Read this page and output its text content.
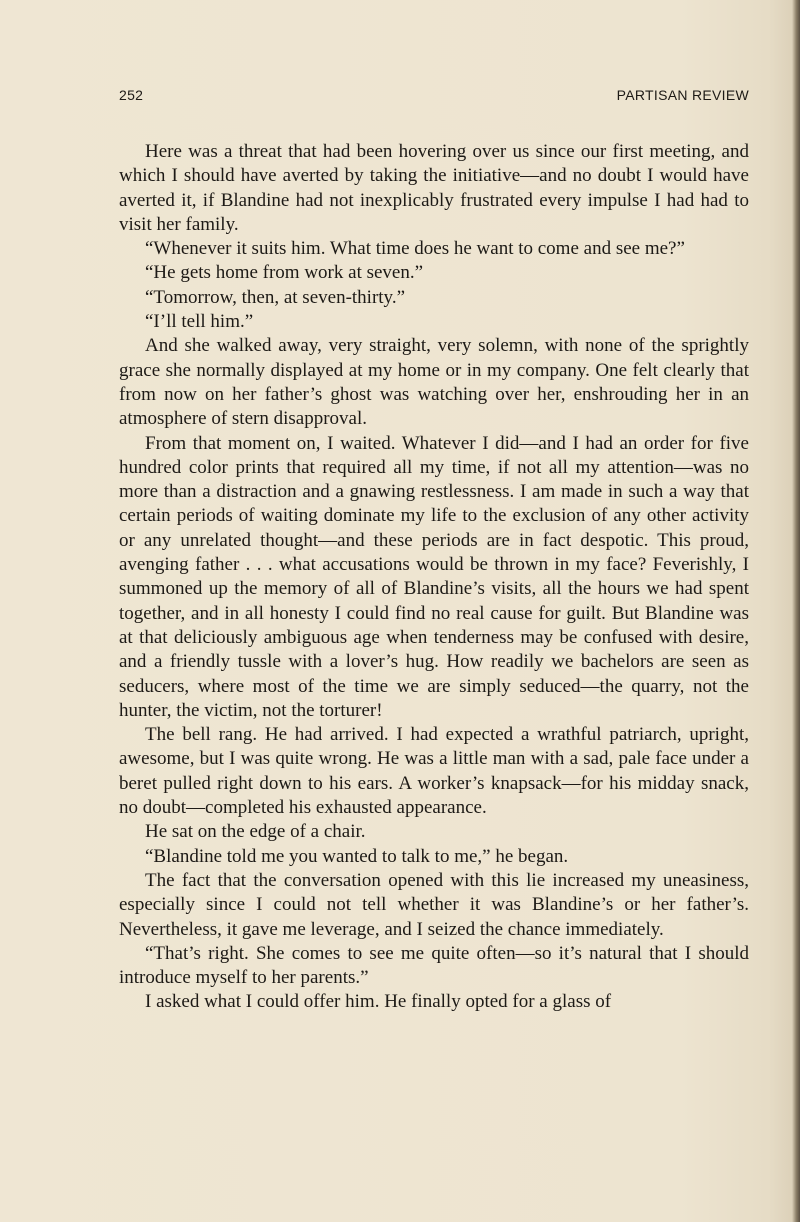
252	PARTISAN REVIEW

Here was a threat that had been hovering over us since our first meeting, and which I should have averted by taking the initiative—and no doubt I would have averted it, if Blandine had not inexplicably frustrated every impulse I had had to visit her family.

“Whenever it suits him. What time does he want to come and see me?”

“He gets home from work at seven.”

“Tomorrow, then, at seven-thirty.”

“I’ll tell him.”

And she walked away, very straight, very solemn, with none of the sprightly grace she normally displayed at my home or in my company. One felt clearly that from now on her father’s ghost was watching over her, enshrouding her in an atmosphere of stern disapproval.

From that moment on, I waited. Whatever I did—and I had an order for five hundred color prints that required all my time, if not all my attention—was no more than a distraction and a gnawing restlessness. I am made in such a way that certain periods of waiting dominate my life to the exclusion of any other activity or any unrelated thought—and these periods are in fact despotic. This proud, avenging father . . . what accusations would be thrown in my face? Feverishly, I summoned up the memory of all of Blandine’s visits, all the hours we had spent together, and in all honesty I could find no real cause for guilt. But Blandine was at that deliciously ambiguous age when tenderness may be confused with desire, and a friendly tussle with a lover’s hug. How readily we bachelors are seen as seducers, where most of the time we are simply seduced—the quarry, not the hunter, the victim, not the torturer!

The bell rang. He had arrived. I had expected a wrathful patriarch, upright, awesome, but I was quite wrong. He was a little man with a sad, pale face under a beret pulled right down to his ears. A worker’s knapsack—for his midday snack, no doubt—completed his exhausted appearance.

He sat on the edge of a chair.

“Blandine told me you wanted to talk to me,” he began.

The fact that the conversation opened with this lie increased my uneasiness, especially since I could not tell whether it was Blandine’s or her father’s. Nevertheless, it gave me leverage, and I seized the chance immediately.

“That’s right. She comes to see me quite often—so it’s natural that I should introduce myself to her parents.”

I asked what I could offer him. He finally opted for a glass of
